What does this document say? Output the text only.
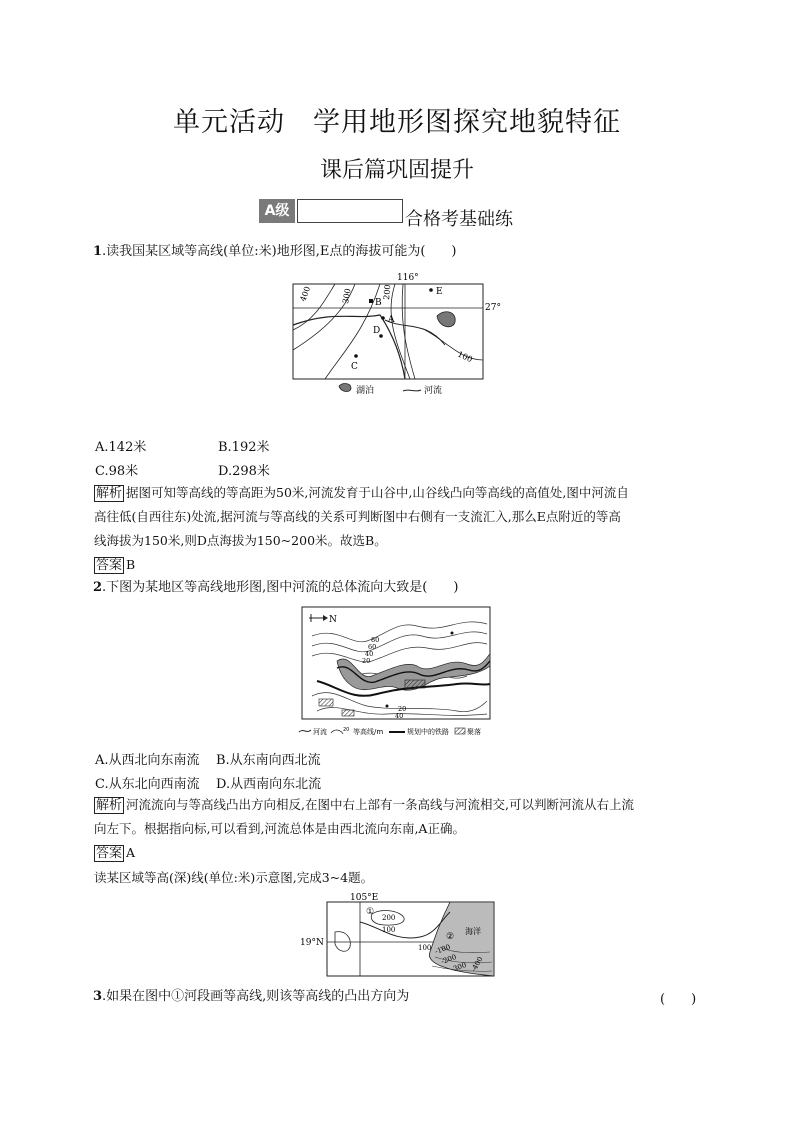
单元活动　学用地形图探究地貌特征
课后篇巩固提升
A级	合格考基础练
1.读我国某区域等高线(单位:米)地形图,E点的海拔可能为(　　)
116°
27°
400	300	200
100
A
B
C
D
E
湖泊	河流
A.142米	B.192米
C.98米	D.298米
解析 据图可知等高线的等高距为50米,河流发育于山谷中,山谷线凸向等高线的高值处,图中河流自
高往低(自西往东)处流,据河流与等高线的关系可判断图中右侧有一支流汇入,那么E点附近的等高
线海拔为150米,则D点海拔为150~200米。故选B。
答案 B
2.下图为某地区等高线地形图,图中河流的总体流向大致是(　　)
N
80
60
40
20
20
40
河流	20 等高线/m	规划中的铁路	聚落
A.从西北向东南流 B.从东南向西北流
C.从东北向西南流 D.从西南向东北流
解析 河流流向与等高线凸出方向相反,在图中右上部有一条高线与河流相交,可以判断河流从右上流
向左下。根据指向标,可以看到,河流总体是由西北流向东南,A正确。
答案 A
读某区域等高(深)线(单位:米)示意图,完成3~4题。
105°E
19°N
200
100
①
②
海洋
100 -100
-200
-300 -400
3.如果在图中①河段画等高线,则该等高线的凸出方向为	(　　)
